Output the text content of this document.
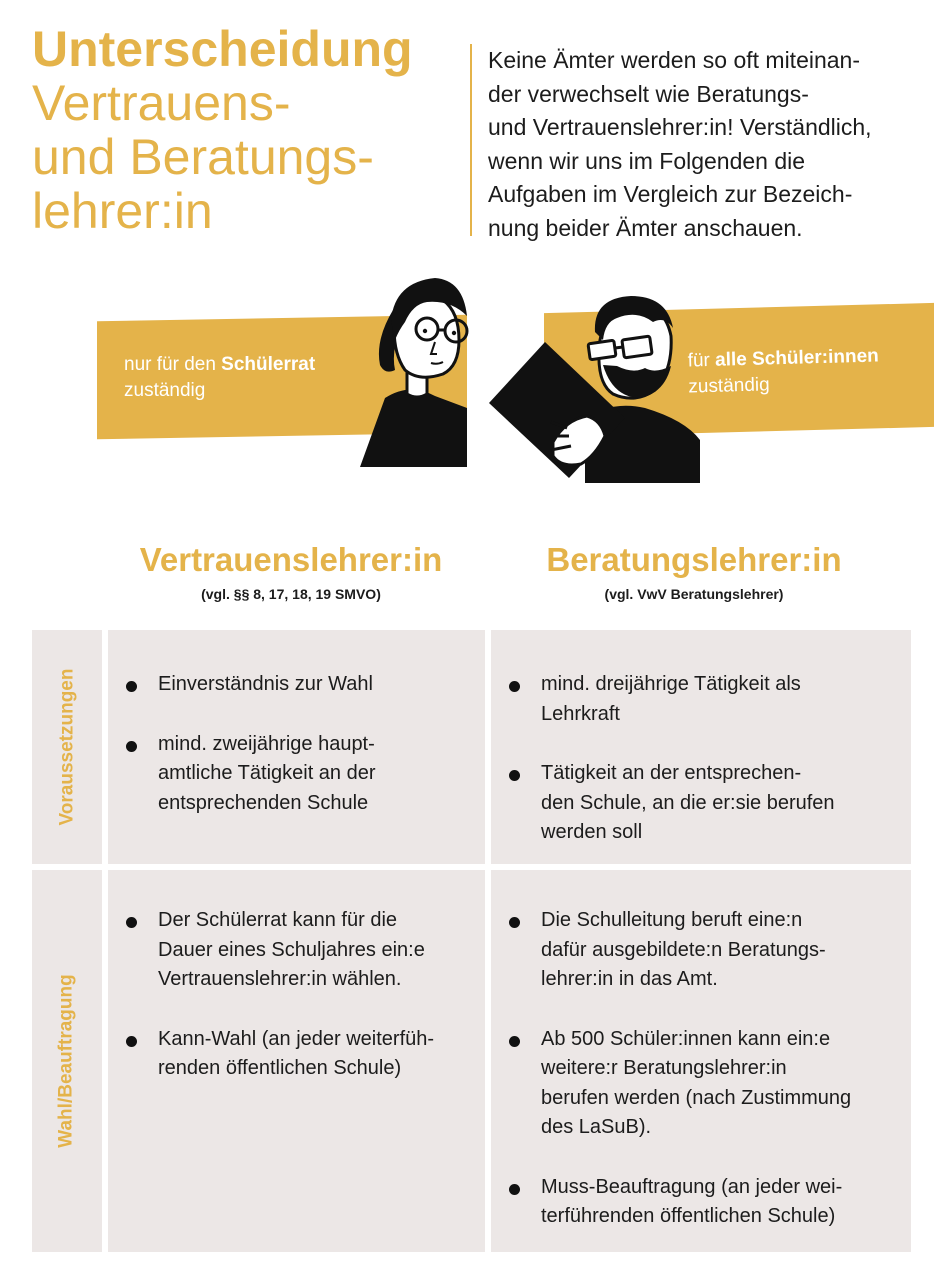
Unterscheidung
Vertrauens-
und Beratungs-
lehrer:in
Keine Ämter werden so oft miteinan-
der verwechselt wie Beratungs-
und Vertrauenslehrer:in! Verständlich,
wenn wir uns im Folgenden die
Aufgaben im Vergleich zur Bezeich-
nung beider Ämter anschauen.
nur für den Schülerrat
zuständig
für alle Schüler:innen
zuständig
Vertrauenslehrer:in
(vgl. §§ 8, 17, 18, 19 SMVO)
Beratungslehrer:in
(vgl. VwV Beratungslehrer)
Voraussetzungen	Einverständnis zur Wahl
mind. zweijährige haupt-
amtliche Tätigkeit an der
entsprechenden Schule
mind. dreijährige Tätigkeit als
Lehrkraft
Tätigkeit an der entsprechen-
den Schule, an die er:sie berufen
werden soll
Wahl/Beauftragung
Der Schülerrat kann für die
Dauer eines Schuljahres ein:e
Vertrauenslehrer:in wählen.
Kann-Wahl (an jeder weiterfüh-
renden öffentlichen Schule)
Die Schulleitung beruft eine:n
dafür ausgebildete:n Beratungs-
lehrer:in in das Amt.
Ab 500 Schüler:innen kann ein:e
weitere:r Beratungslehrer:in
berufen werden (nach Zustimmung
des LaSuB).
Muss-Beauftragung (an jeder wei-
terführenden öffentlichen Schule)
